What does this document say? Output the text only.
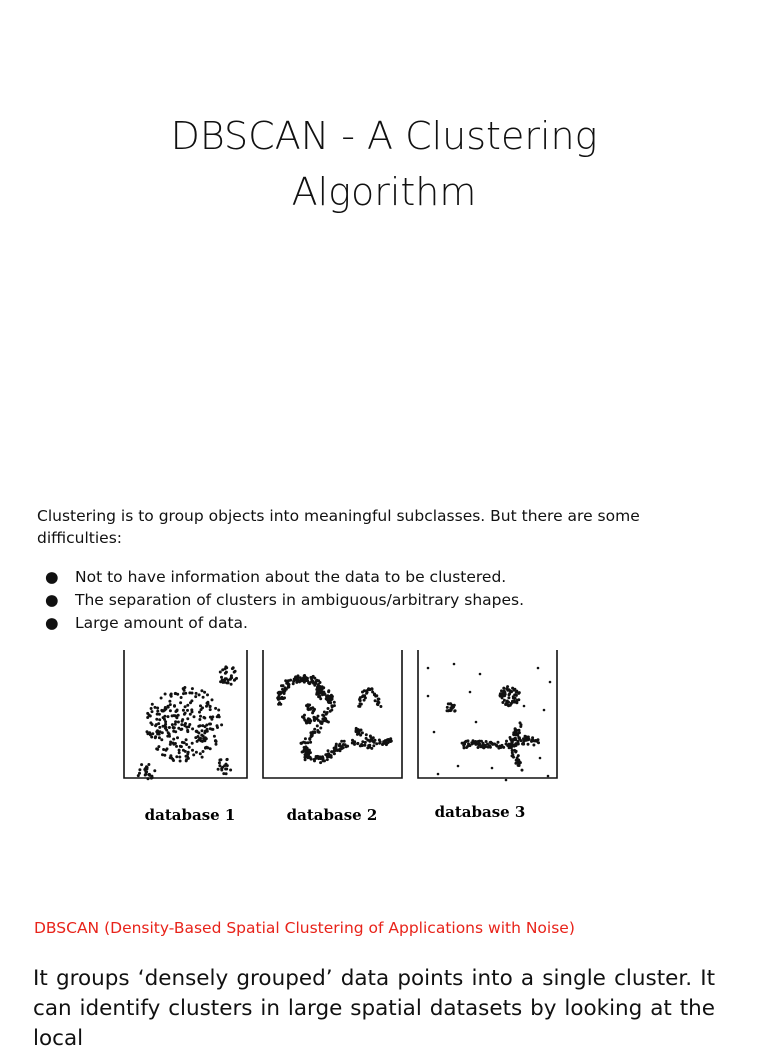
DBSCAN - A Clustering
Algorithm
Clustering is to group objects into meaningful subclasses. But there are some difficulties:
● Not to have information about the data to be clustered.
● The separation of clusters in ambiguous/arbitrary shapes.
● Large amount of data.
database 1	database 2	database 3
DBSCAN (Density-Based Spatial Clustering of Applications with Noise)
It groups ‘densely grouped’ data points into a single cluster. It can identify clusters in large spatial datasets by looking at the local
